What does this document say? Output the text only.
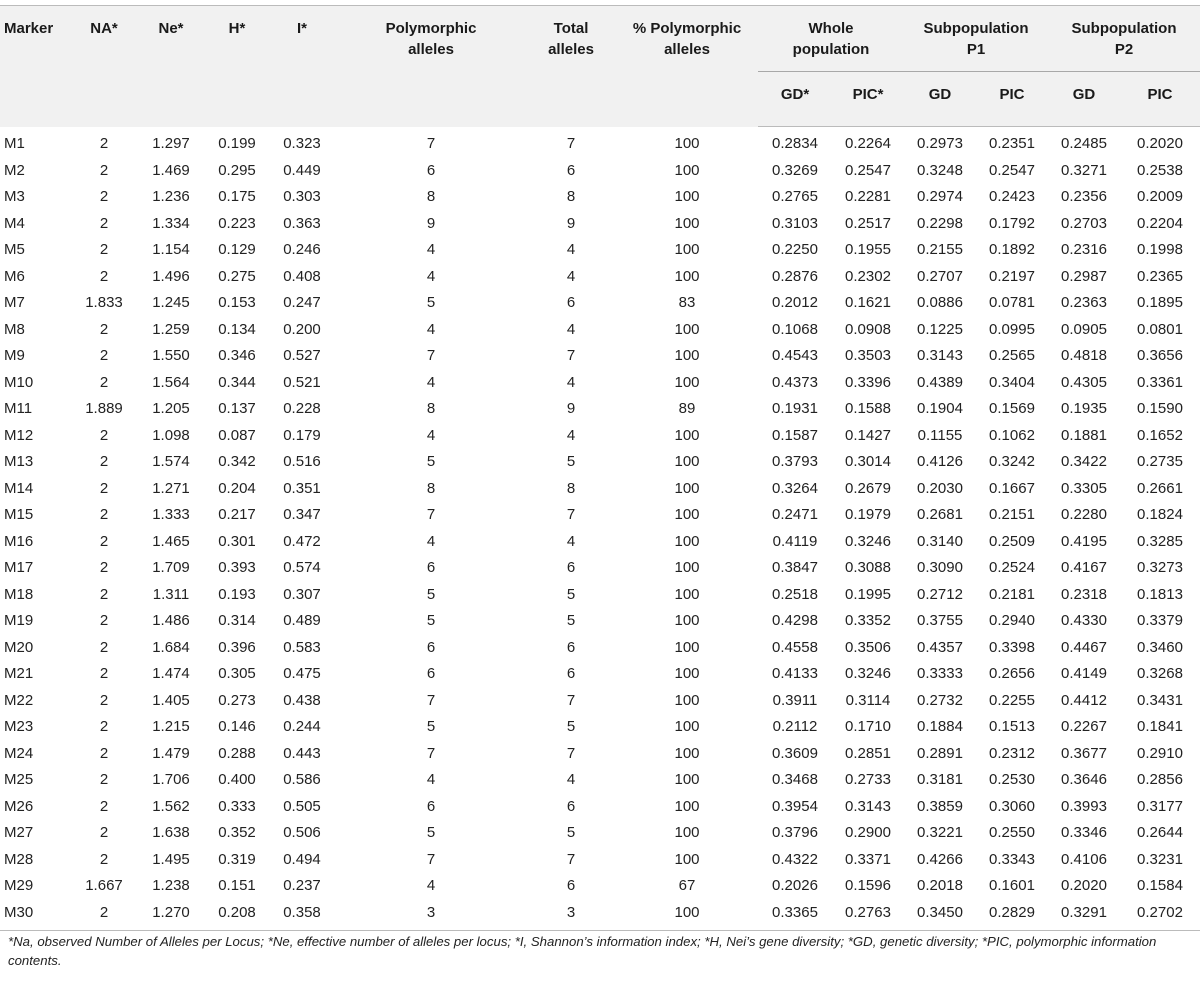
Marker	NA*	Ne*	H*	I*	Polymorphic alleles	Total alleles	% Polymorphic alleles	Whole population		Subpopulation P1		Subpopulation P2	

								GD*	PIC*	GD	PIC	GD	PIC
M1	2	1.297	0.199	0.323	7	7	100	0.2834	0.2264	0.2973	0.2351	0.2485	0.2020
M2	2	1.469	0.295	0.449	6	6	100	0.3269	0.2547	0.3248	0.2547	0.3271	0.2538
M3	2	1.236	0.175	0.303	8	8	100	0.2765	0.2281	0.2974	0.2423	0.2356	0.2009
M4	2	1.334	0.223	0.363	9	9	100	0.3103	0.2517	0.2298	0.1792	0.2703	0.2204
M5	2	1.154	0.129	0.246	4	4	100	0.2250	0.1955	0.2155	0.1892	0.2316	0.1998
M6	2	1.496	0.275	0.408	4	4	100	0.2876	0.2302	0.2707	0.2197	0.2987	0.2365
M7	1.833	1.245	0.153	0.247	5	6	83	0.2012	0.1621	0.0886	0.0781	0.2363	0.1895
M8	2	1.259	0.134	0.200	4	4	100	0.1068	0.0908	0.1225	0.0995	0.0905	0.0801
M9	2	1.550	0.346	0.527	7	7	100	0.4543	0.3503	0.3143	0.2565	0.4818	0.3656
M10	2	1.564	0.344	0.521	4	4	100	0.4373	0.3396	0.4389	0.3404	0.4305	0.3361
M11	1.889	1.205	0.137	0.228	8	9	89	0.1931	0.1588	0.1904	0.1569	0.1935	0.1590
M12	2	1.098	0.087	0.179	4	4	100	0.1587	0.1427	0.1155	0.1062	0.1881	0.1652
M13	2	1.574	0.342	0.516	5	5	100	0.3793	0.3014	0.4126	0.3242	0.3422	0.2735
M14	2	1.271	0.204	0.351	8	8	100	0.3264	0.2679	0.2030	0.1667	0.3305	0.2661
M15	2	1.333	0.217	0.347	7	7	100	0.2471	0.1979	0.2681	0.2151	0.2280	0.1824
M16	2	1.465	0.301	0.472	4	4	100	0.4119	0.3246	0.3140	0.2509	0.4195	0.3285
M17	2	1.709	0.393	0.574	6	6	100	0.3847	0.3088	0.3090	0.2524	0.4167	0.3273
M18	2	1.311	0.193	0.307	5	5	100	0.2518	0.1995	0.2712	0.2181	0.2318	0.1813
M19	2	1.486	0.314	0.489	5	5	100	0.4298	0.3352	0.3755	0.2940	0.4330	0.3379
M20	2	1.684	0.396	0.583	6	6	100	0.4558	0.3506	0.4357	0.3398	0.4467	0.3460
M21	2	1.474	0.305	0.475	6	6	100	0.4133	0.3246	0.3333	0.2656	0.4149	0.3268
M22	2	1.405	0.273	0.438	7	7	100	0.3911	0.3114	0.2732	0.2255	0.4412	0.3431
M23	2	1.215	0.146	0.244	5	5	100	0.2112	0.1710	0.1884	0.1513	0.2267	0.1841
M24	2	1.479	0.288	0.443	7	7	100	0.3609	0.2851	0.2891	0.2312	0.3677	0.2910
M25	2	1.706	0.400	0.586	4	4	100	0.3468	0.2733	0.3181	0.2530	0.3646	0.2856
M26	2	1.562	0.333	0.505	6	6	100	0.3954	0.3143	0.3859	0.3060	0.3993	0.3177
M27	2	1.638	0.352	0.506	5	5	100	0.3796	0.2900	0.3221	0.2550	0.3346	0.2644
M28	2	1.495	0.319	0.494	7	7	100	0.4322	0.3371	0.4266	0.3343	0.4106	0.3231
M29	1.667	1.238	0.151	0.237	4	6	67	0.2026	0.1596	0.2018	0.1601	0.2020	0.1584
M30	2	1.270	0.208	0.358	3	3	100	0.3365	0.2763	0.3450	0.2829	0.3291	0.2702
*Na, observed Number of Alleles per Locus; *Ne, effective number of alleles per locus; *I, Shannon’s information index; *H, Nei’s gene diversity; *GD, genetic diversity; *PIC, polymorphic information contents.
